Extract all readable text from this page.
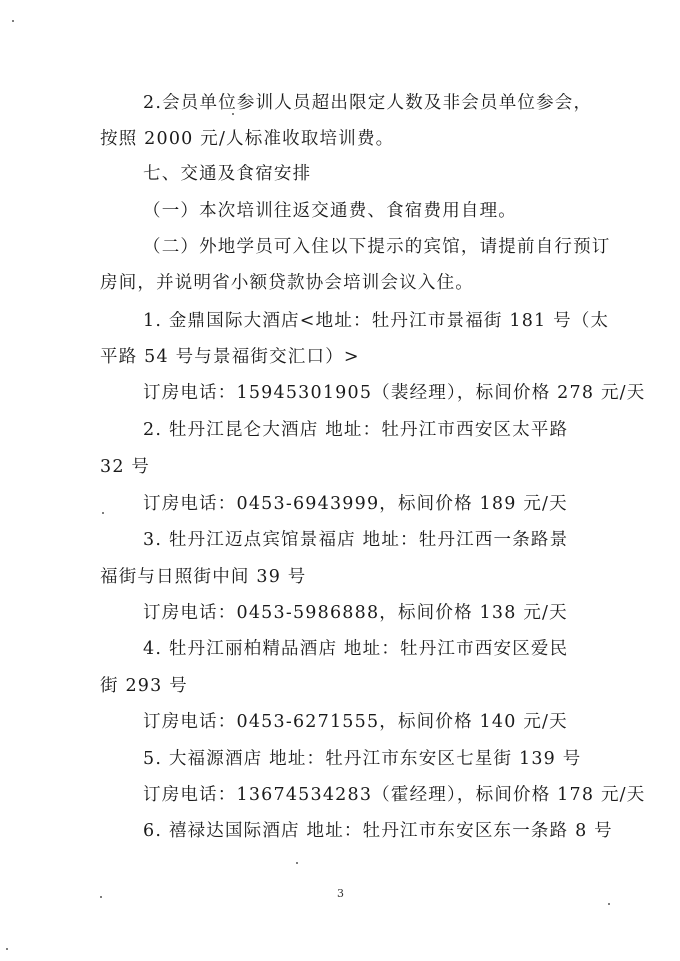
2.会员单位参训人员超出限定人数及非会员单位参会，
按照 2000 元/人标准收取培训费。
七、交通及食宿安排
（一）本次培训往返交通费、食宿费用自理。
（二）外地学员可入住以下提示的宾馆，请提前自行预订
房间，并说明省小额贷款协会培训会议入住。
1. 金鼎国际大酒店<地址：牡丹江市景福街 181 号（太
平路 54 号与景福街交汇口）>
订房电话：15945301905（裴经理），标间价格 278 元/天
2. 牡丹江昆仑大酒店 地址：牡丹江市西安区太平路
32 号
订房电话：0453-6943999，标间价格 189 元/天
3. 牡丹江迈点宾馆景福店 地址：牡丹江西一条路景
福街与日照街中间 39 号
订房电话：0453-5986888，标间价格 138 元/天
4. 牡丹江丽柏精品酒店 地址：牡丹江市西安区爱民
街 293 号
订房电话：0453-6271555，标间价格 140 元/天
5. 大福源酒店 地址：牡丹江市东安区七星街 139 号
订房电话：13674534283（霍经理），标间价格 178 元/天
6. 禧禄达国际酒店 地址：牡丹江市东安区东一条路 8 号
3
